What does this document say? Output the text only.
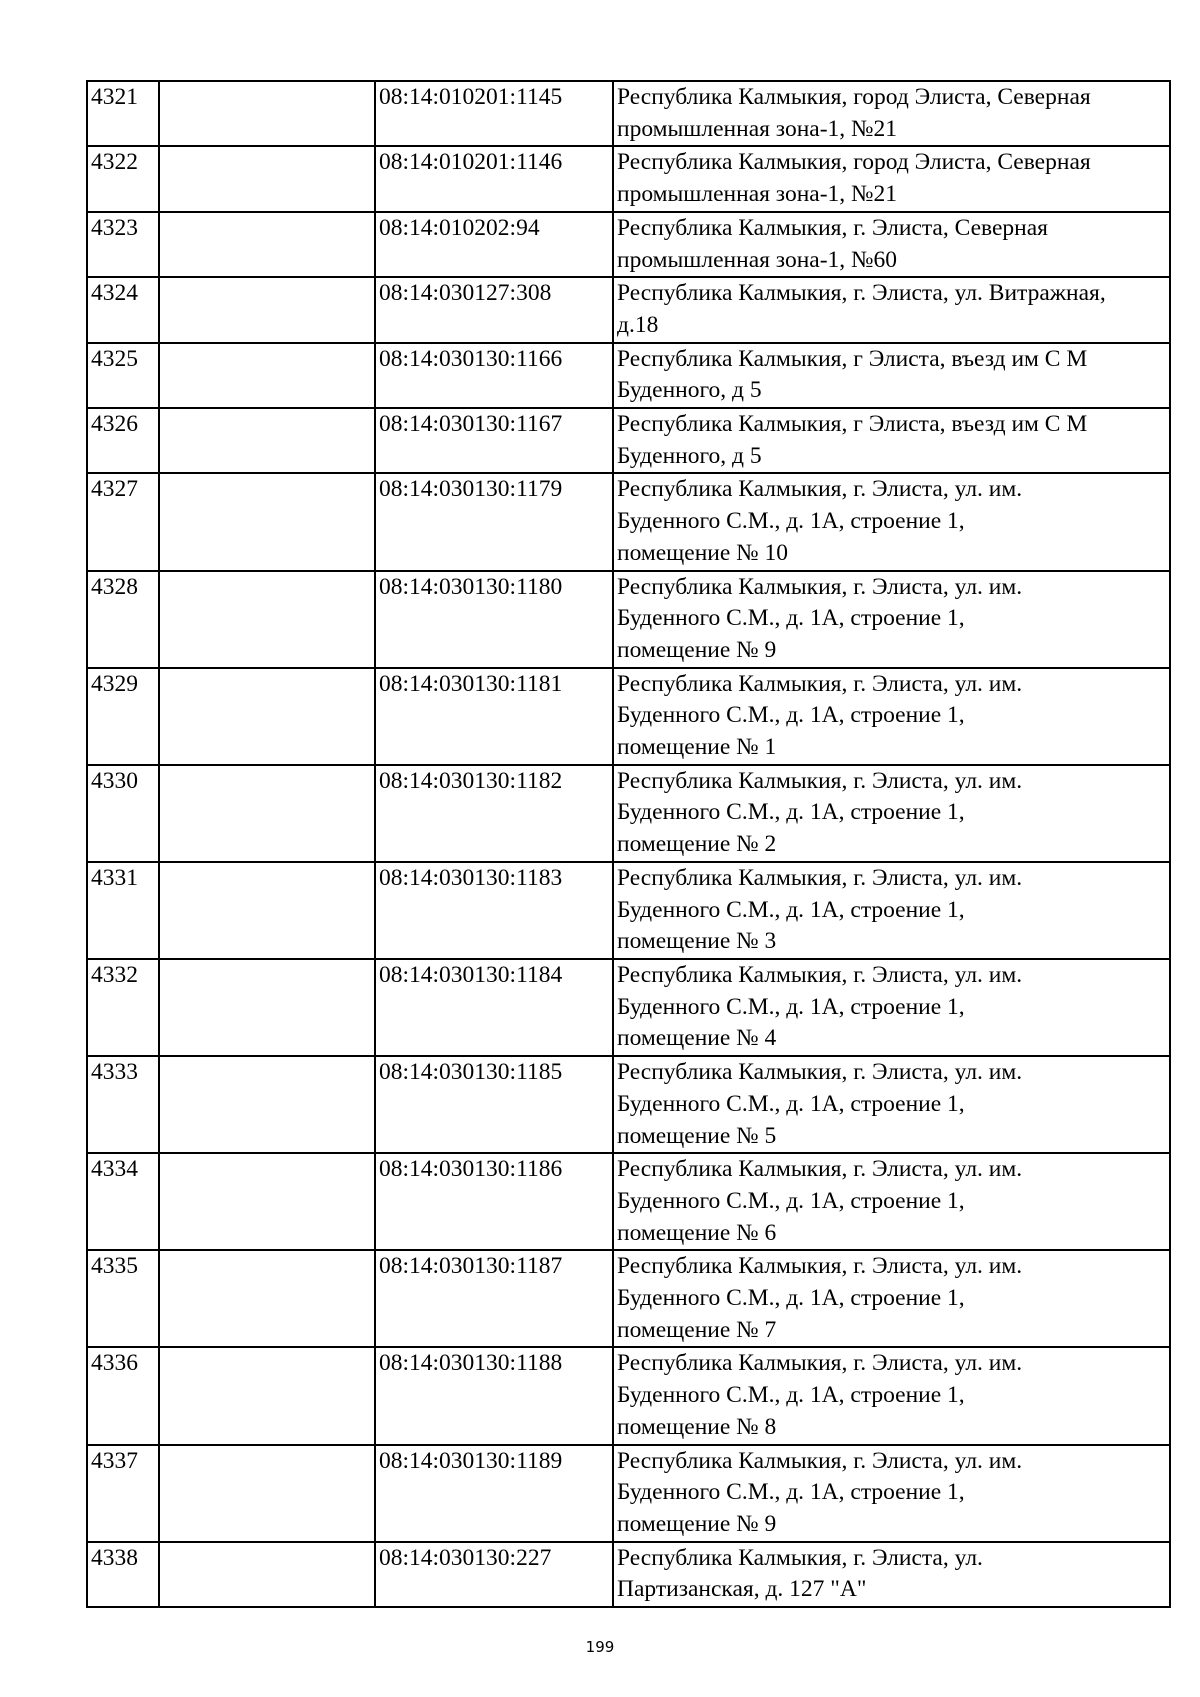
4321		08:14:010201:1145	Республика Калмыкия, город Элиста, Северная
промышленная зона-1, №21

4322		08:14:010201:1146	Республика Калмыкия, город Элиста, Северная
промышленная зона-1, №21

4323		08:14:010202:94	Республика Калмыкия, г. Элиста, Северная
промышленная зона-1, №60

4324		08:14:030127:308	Республика Калмыкия, г. Элиста, ул. Витражная,
д.18

4325		08:14:030130:1166	Республика Калмыкия, г Элиста, въезд им С М
Буденного, д 5

4326		08:14:030130:1167	Республика Калмыкия, г Элиста, въезд им С М
Буденного, д 5

4327		08:14:030130:1179	Республика Калмыкия, г. Элиста, ул. им.
Буденного С.М., д. 1А, строение 1,
помещение № 10

4328		08:14:030130:1180	Республика Калмыкия, г. Элиста, ул. им.
Буденного С.М., д. 1А, строение 1,
помещение № 9

4329		08:14:030130:1181	Республика Калмыкия, г. Элиста, ул. им.
Буденного С.М., д. 1А, строение 1,
помещение № 1

4330		08:14:030130:1182	Республика Калмыкия, г. Элиста, ул. им.
Буденного С.М., д. 1А, строение 1,
помещение № 2

4331		08:14:030130:1183	Республика Калмыкия, г. Элиста, ул. им.
Буденного С.М., д. 1А, строение 1,
помещение № 3

4332		08:14:030130:1184	Республика Калмыкия, г. Элиста, ул. им.
Буденного С.М., д. 1А, строение 1,
помещение № 4

4333		08:14:030130:1185	Республика Калмыкия, г. Элиста, ул. им.
Буденного С.М., д. 1А, строение 1,
помещение № 5

4334		08:14:030130:1186	Республика Калмыкия, г. Элиста, ул. им.
Буденного С.М., д. 1А, строение 1,
помещение № 6

4335		08:14:030130:1187	Республика Калмыкия, г. Элиста, ул. им.
Буденного С.М., д. 1А, строение 1,
помещение № 7

4336		08:14:030130:1188	Республика Калмыкия, г. Элиста, ул. им.
Буденного С.М., д. 1А, строение 1,
помещение № 8

4337		08:14:030130:1189	Республика Калмыкия, г. Элиста, ул. им.
Буденного С.М., д. 1А, строение 1,
помещение № 9

4338		08:14:030130:227	Республика Калмыкия, г. Элиста, ул.
Партизанская, д. 127 "А"
199
